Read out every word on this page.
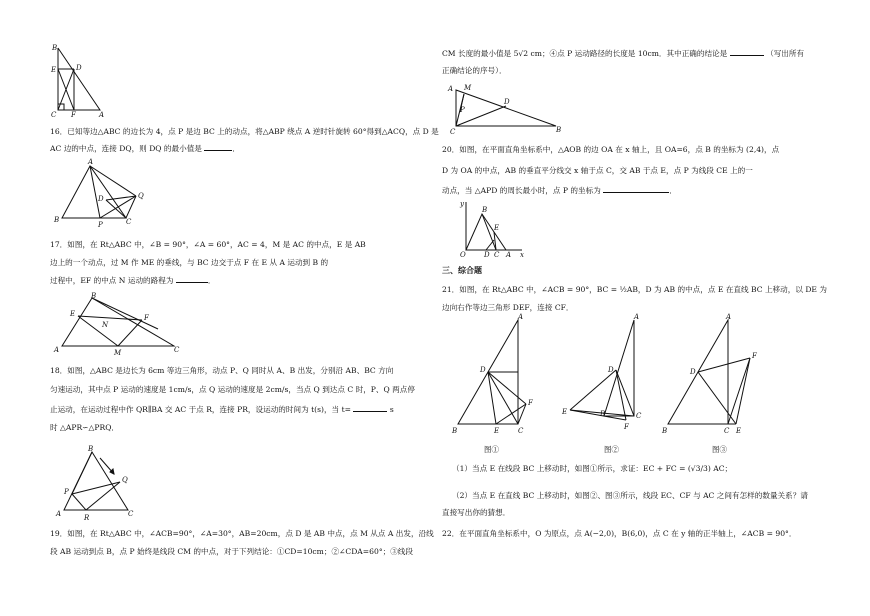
B
E	D
C F	A
16．已知等边△ABC 的边长为 4，点 P 是边 BC 上的动点，将△ABP 绕点 A 逆时针旋转 60°得到△ACQ，点 D 是
AC 边的中点，连接 DQ，则 DQ 的最小值是	．
A
B
P	C
Q
D
17．如图，在 Rt△ABC 中，∠B = 90°，∠A = 60°，AC = 4，M 是 AC 的中点，E 是 AB
边上的一个动点，过 M 作 ME 的垂线，与 BC 边交于点 F 在 E 从 A 运动到 B 的
过程中，EF 的中点 N 运动的路程为	．
B
E
N
F
A	M	C
18．如图，△ABC 是边长为 6cm 等边三角形，动点 P、Q 同时从 A、B 出发，分别沿 AB、BC 方向
匀速运动，其中点 P 运动的速度是 1cm/s，点 Q 运动的速度是 2cm/s，当点 Q 到达点 C 时，P、Q 两点停
止运动，在运动过程中作 QR∥BA 交 AC 于点 R，连接 PR，设运动的时间为 t(s)，当 t=	s
时 △APR∽△PRQ．
B
Q
P
A	R	C
19．如图，在 Rt△ABC 中，∠ACB=90°，∠A=30°，AB=20cm，点 D 是 AB 中点，点 M 从点 A 出发，沿线
段 AB 运动到点 B，点 P 始终是线段 CM 的中点，对于下列结论：①CD=10cm；②∠CDA=60°；③线段
CM 长度的最小值是 5√2 cm；④点 P 运动路径的长度是 10cm．其中正确的结论是	（写出所有
正确结论的序号）．
A M
P
D
C	B
20．如图，在平面直角坐标系中，△AOB 的边 OA 在 x 轴上，且 OA=6，点 B 的坐标为 (2,4)，点
D 为 OA 的中点，AB 的垂直平分线交 x 轴于点 C，交 AB 于点 E，点 P 为线段 CE 上的一
动点，当 △APD 的周长最小时，点 P 的坐标为	．
B
E
O	D C A x
y
三、综合题
21．如图，在 Rt△ABC 中，∠ACB = 90°，BC = ½AB，D 为 AB 的中点，点 E 在直线 BC 上移动，以 DE 为
边向右作等边三角形 DEF，连接 CF．
A
D
F
B	E	C
图①
A
D
E	B	C
F
图②
A
D
F
B	C E
图③
（1）当点 E 在线段 BC 上移动时，如图①所示，求证：EC + FC = (√3/3) AC；
（2）当点 E 在直线 BC 上移动时，如图②、图③所示，线段 EC、CF 与 AC 之间有怎样的数量关系？请
直接写出你的猜想．
22．在平面直角坐标系中，O 为原点，点 A(−2,0)，B(6,0)，点 C 在 y 轴的正半轴上，∠ACB = 90°．
